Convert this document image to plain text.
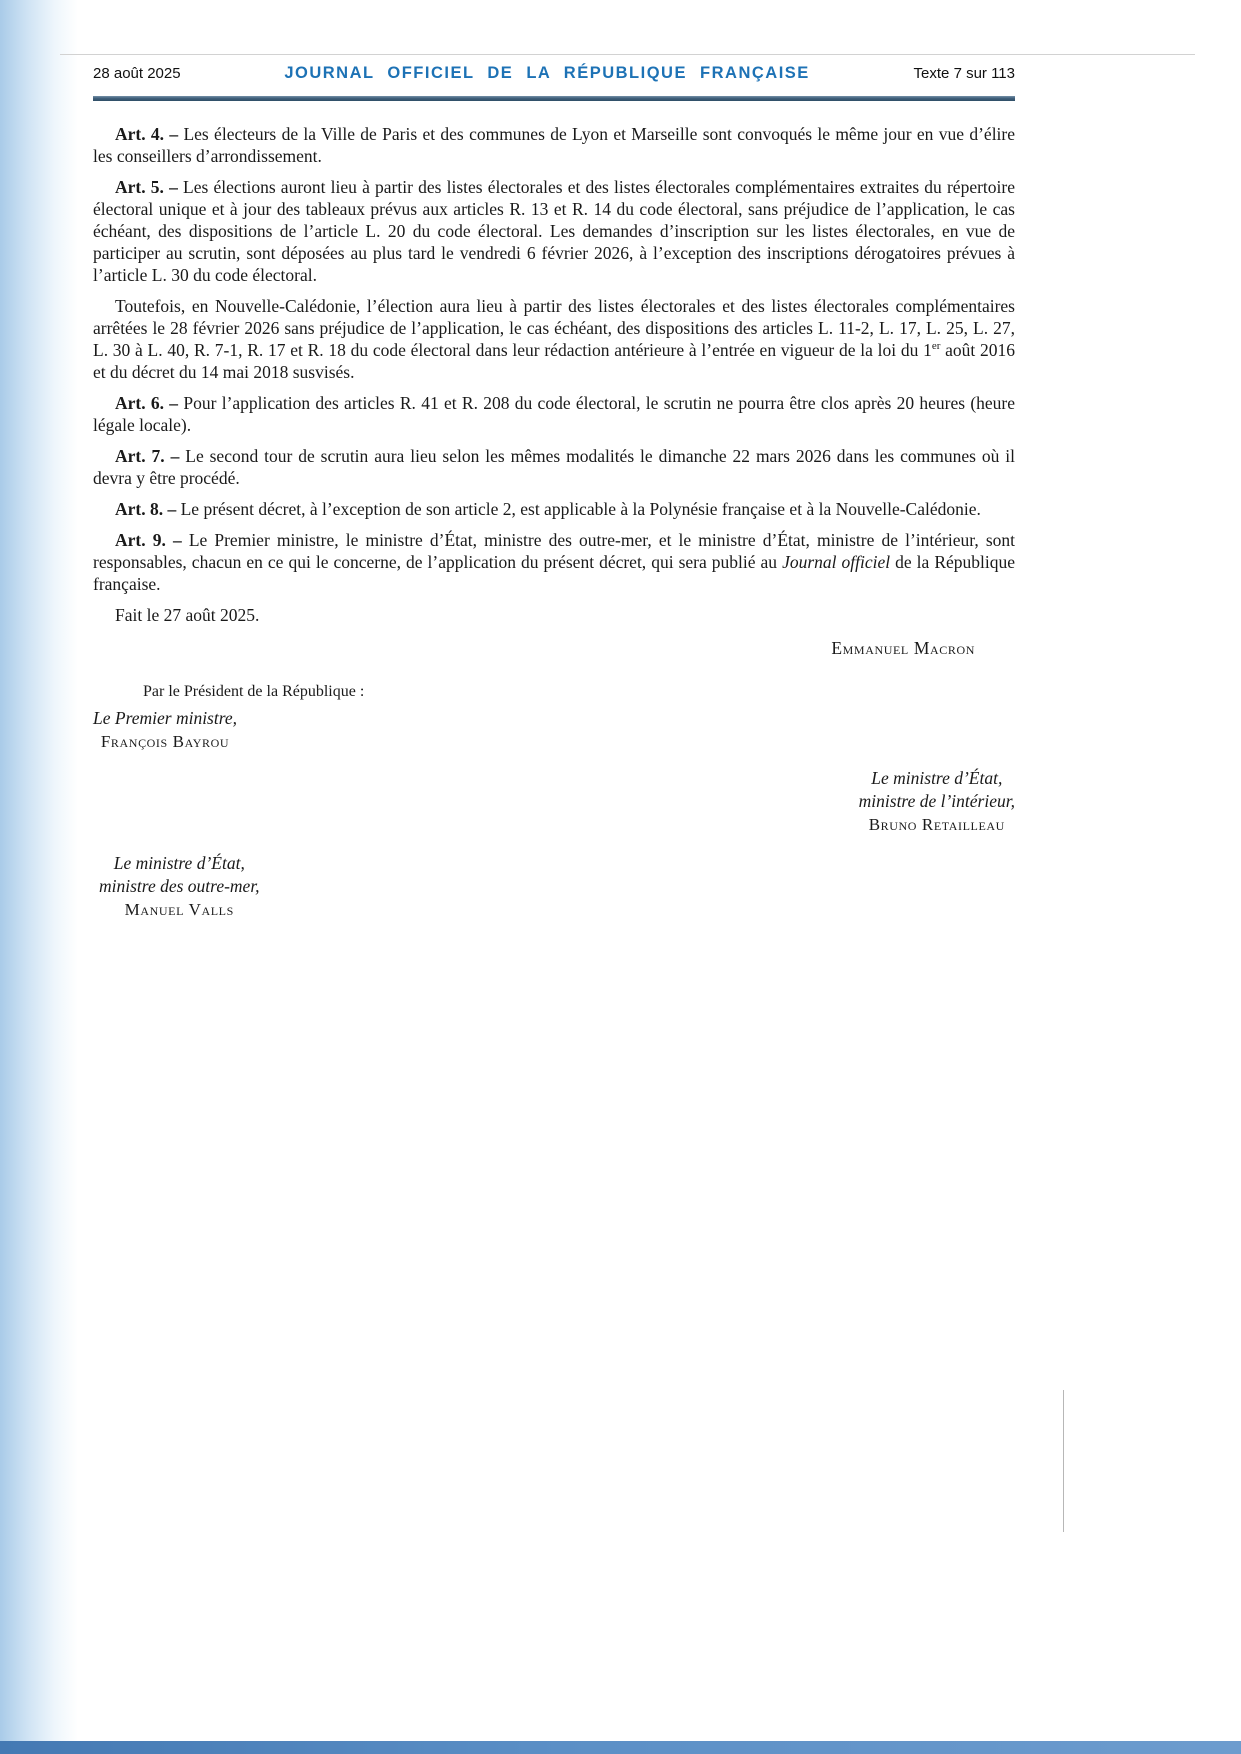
28 août 2025	JOURNAL OFFICIEL DE LA RÉPUBLIQUE FRANÇAISE	Texte 7 sur 113

Art. 4. – Les électeurs de la Ville de Paris et des communes de Lyon et Marseille sont convoqués le même jour en vue d’élire les conseillers d’arrondissement.

Art. 5. – Les élections auront lieu à partir des listes électorales et des listes électorales complémentaires extraites du répertoire électoral unique et à jour des tableaux prévus aux articles R. 13 et R. 14 du code électoral, sans préjudice de l’application, le cas échéant, des dispositions de l’article L. 20 du code électoral. Les demandes d’inscription sur les listes électorales, en vue de participer au scrutin, sont déposées au plus tard le vendredi 6 février 2026, à l’exception des inscriptions dérogatoires prévues à l’article L. 30 du code électoral.

Toutefois, en Nouvelle-Calédonie, l’élection aura lieu à partir des listes électorales et des listes électorales complémentaires arrêtées le 28 février 2026 sans préjudice de l’application, le cas échéant, des dispositions des articles L. 11-2, L. 17, L. 25, L. 27, L. 30 à L. 40, R. 7-1, R. 17 et R. 18 du code électoral dans leur rédaction antérieure à l’entrée en vigueur de la loi du 1er août 2016 et du décret du 14 mai 2018 susvisés.

Art. 6. – Pour l’application des articles R. 41 et R. 208 du code électoral, le scrutin ne pourra être clos après 20 heures (heure légale locale).

Art. 7. – Le second tour de scrutin aura lieu selon les mêmes modalités le dimanche 22 mars 2026 dans les communes où il devra y être procédé.

Art. 8. – Le présent décret, à l’exception de son article 2, est applicable à la Polynésie française et à la Nouvelle-Calédonie.

Art. 9. – Le Premier ministre, le ministre d’État, ministre des outre-mer, et le ministre d’État, ministre de l’intérieur, sont responsables, chacun en ce qui le concerne, de l’application du présent décret, qui sera publié au Journal officiel de la République française.

Fait le 27 août 2025.

Emmanuel Macron
Par le Président de la République :
Le Premier ministre,
François Bayrou
Le ministre d’État,
ministre de l’intérieur,
Bruno Retailleau
Le ministre d’État,
ministre des outre-mer,
Manuel Valls
